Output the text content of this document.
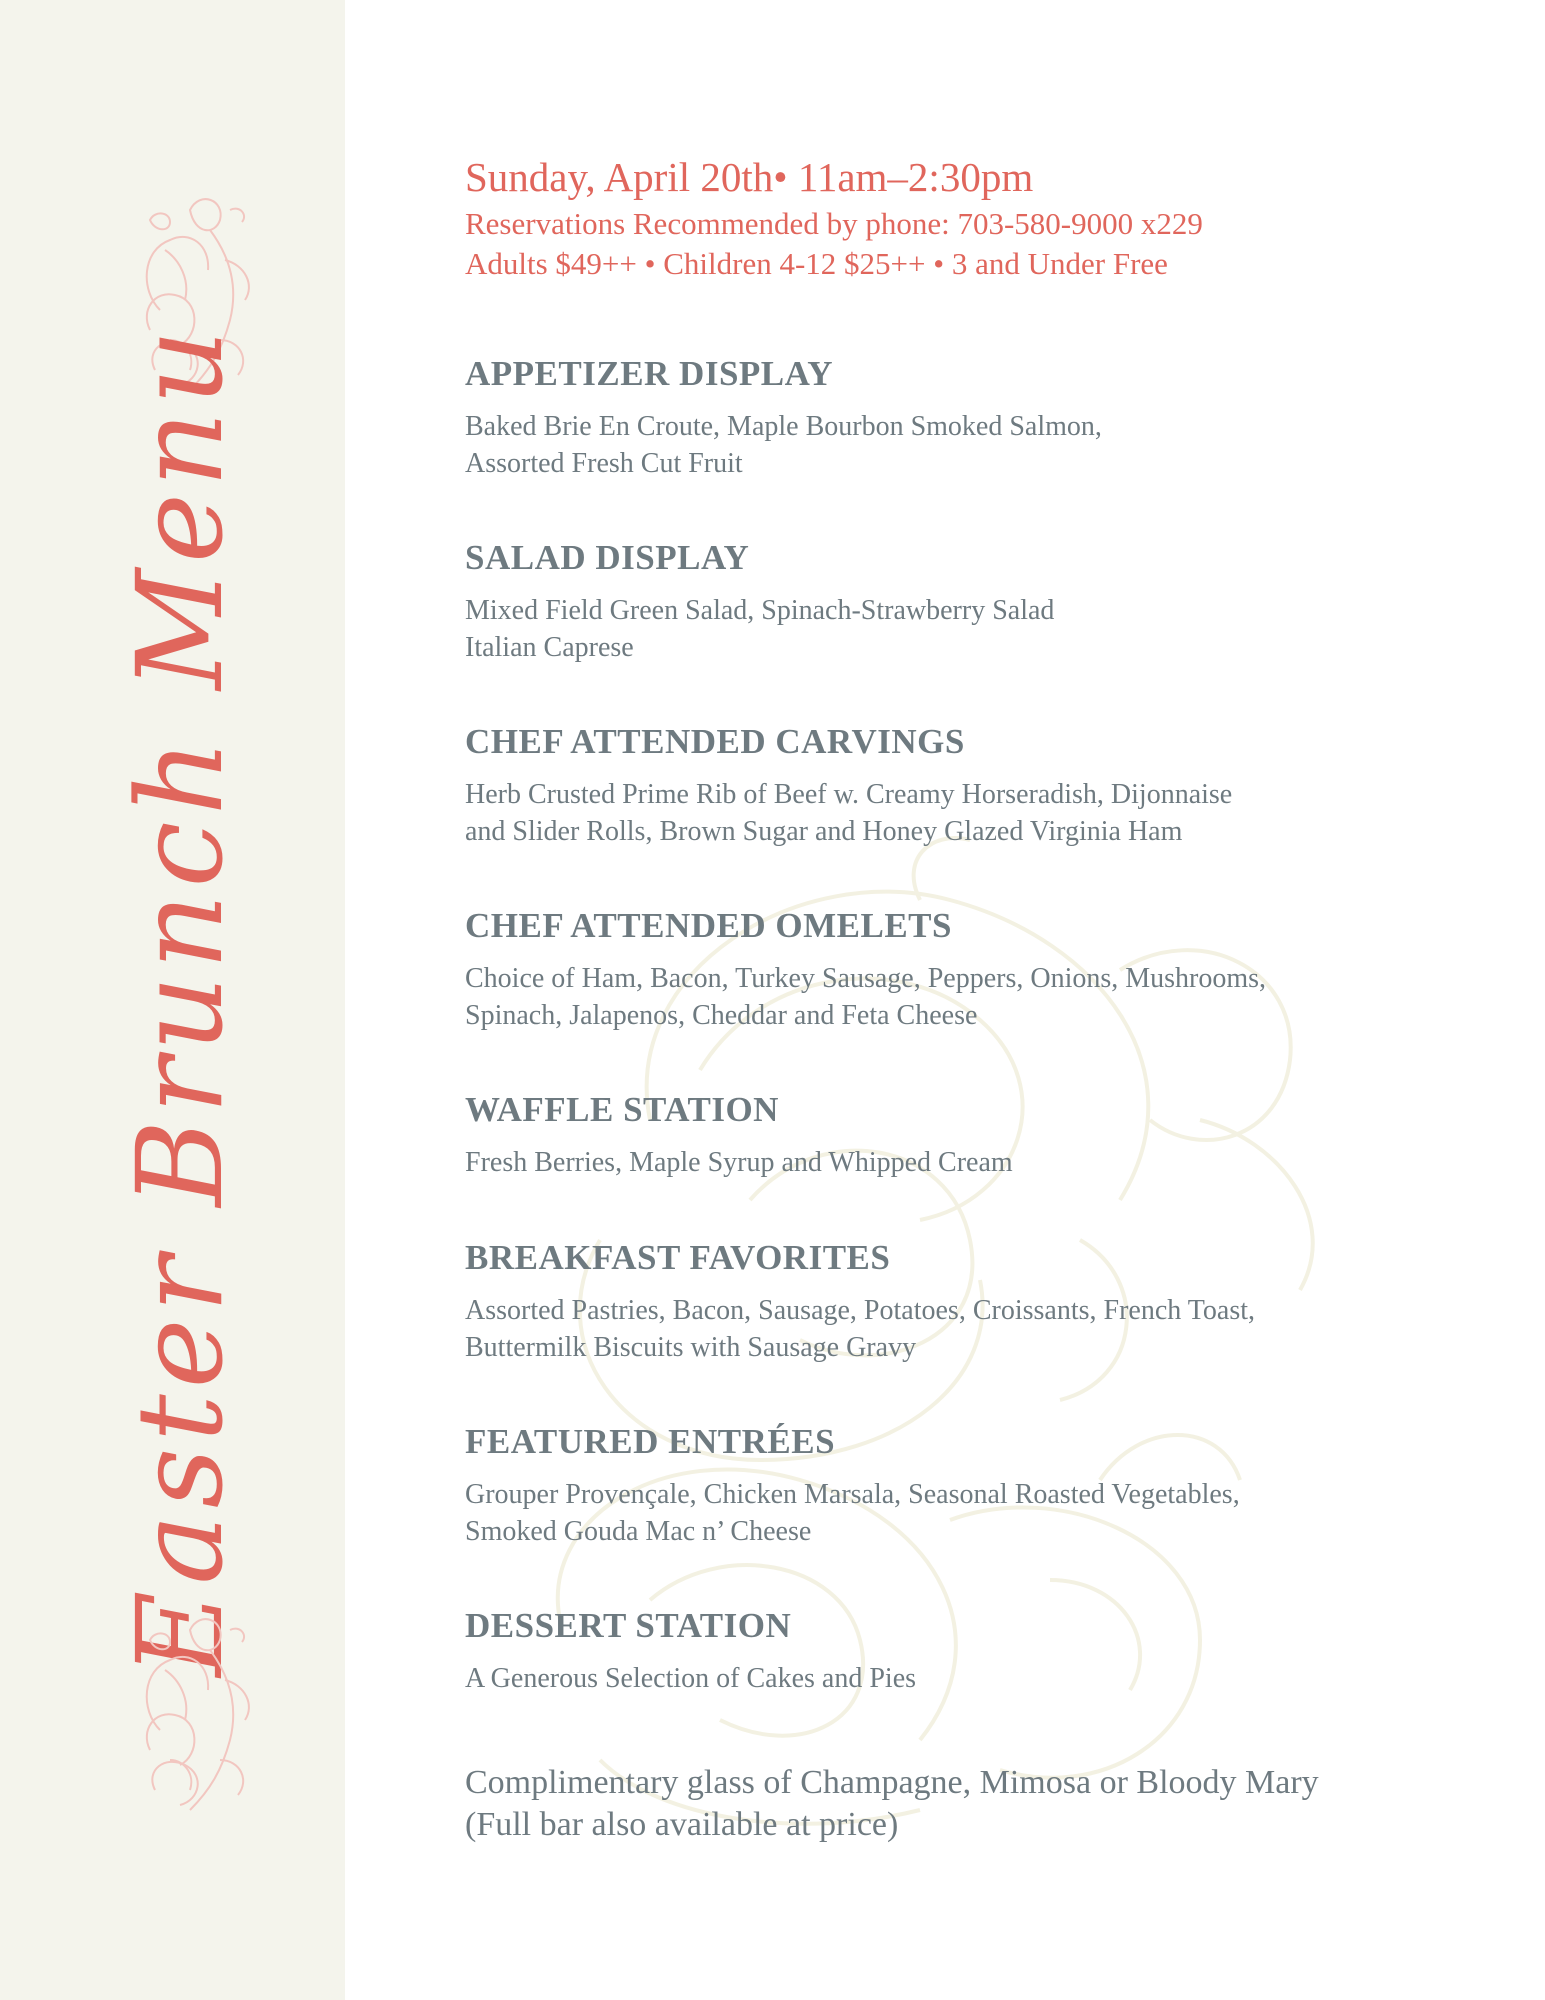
Easter Brunch Menu

Sunday, April 20th• 11am–2:30pm

Reservations Recommended by phone: 703-580-9000 x229

Adults $49++ • Children 4-12 $25++ • 3 and Under Free

APPETIZER DISPLAY

Baked Brie En Croute, Maple Bourbon Smoked Salmon,
Assorted Fresh Cut Fruit

SALAD DISPLAY

Mixed Field Green Salad, Spinach-Strawberry Salad
Italian Caprese

CHEF ATTENDED CARVINGS

Herb Crusted Prime Rib of Beef w. Creamy Horseradish, Dijonnaise
and Slider Rolls, Brown Sugar and Honey Glazed Virginia Ham

CHEF ATTENDED OMELETS

Choice of Ham, Bacon, Turkey Sausage, Peppers, Onions, Mushrooms,
Spinach, Jalapenos, Cheddar and Feta Cheese

WAFFLE STATION

Fresh Berries, Maple Syrup and Whipped Cream

BREAKFAST FAVORITES

Assorted Pastries, Bacon, Sausage, Potatoes, Croissants, French Toast,
Buttermilk Biscuits with Sausage Gravy

FEATURED ENTRÉES

Grouper Provençale, Chicken Marsala, Seasonal Roasted Vegetables,
Smoked Gouda Mac n’ Cheese

DESSERT STATION

A Generous Selection of Cakes and Pies

Complimentary glass of Champagne, Mimosa or Bloody Mary

(Full bar also available at price)
